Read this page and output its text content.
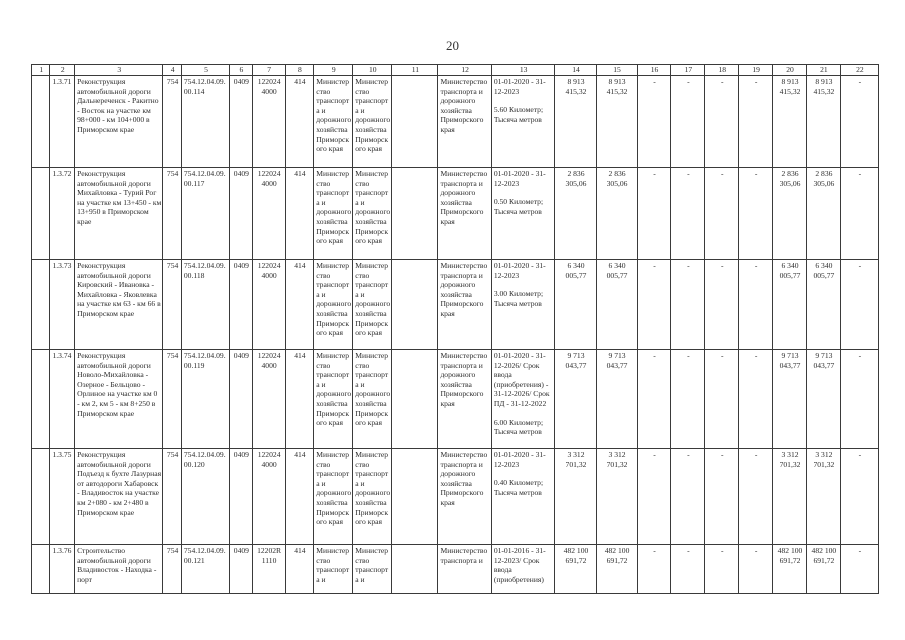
20
1	2	3	4	5	6	7	8	9	10	11	12	13	14	15	16	17	18	19	20	21	22

	1.3.71	Реконструкция автомобильной дороги Дальнереченск - Ракитно - Восток на участке км 98+000 - км 104+000 в Приморском крае	754	754.12.04.09.00.114	0409	122024 4000	414	Министерство транспорта и дорожного хозяйства Приморского края	Министерство транспорта и дорожного хозяйства Приморского края		Министерство транспорта и дорожного хозяйства Приморского края	01-01-2020 - 31-12-2023
5.60 Километр; Тысяча метров	8 913 415,32	8 913 415,32	-	-	-	-	8 913 415,32	8 913 415,32	-

	1.3.72	Реконструкция автомобильной дороги Михайловка - Турий Рог на участке км 13+450 - км 13+950 в Приморском крае	754	754.12.04.09.00.117	0409	122024 4000	414	Министерство транспорта и дорожного хозяйства Приморского края	Министерство транспорта и дорожного хозяйства Приморского края		Министерство транспорта и дорожного хозяйства Приморского края	01-01-2020 - 31-12-2023
0.50 Километр; Тысяча метров	2 836 305,06	2 836 305,06	-	-	-	-	2 836 305,06	2 836 305,06	-

	1.3.73	Реконструкция автомобильной дороги Кировский - Ивановка - Михайловка - Яковлевка на участке км 63 - км 66 в Приморском крае	754	754.12.04.09.00.118	0409	122024 4000	414	Министерство транспорта и дорожного хозяйства Приморского края	Министерство транспорта и дорожного хозяйства Приморского края		Министерство транспорта и дорожного хозяйства Приморского края	01-01-2020 - 31-12-2023
3.00 Километр; Тысяча метров	6 340 005,77	6 340 005,77	-	-	-	-	6 340 005,77	6 340 005,77	-

	1.3.74	Реконструкция автомобильной дороги Новоло-Михайловка - Озерное - Бельцово - Орлиное на участке км 0 - км 2, км 5 - км 8+250 в Приморском крае	754	754.12.04.09.00.119	0409	122024 4000	414	Министерство транспорта и дорожного хозяйства Приморского края	Министерство транспорта и дорожного хозяйства Приморского края		Министерство транспорта и дорожного хозяйства Приморского края	01-01-2020 - 31-12-2026/ Срок ввода (приобретения) - 31-12-2026/ Срок ПД - 31-12-2022
6.00 Километр; Тысяча метров	9 713 043,77	9 713 043,77	-	-	-	-	9 713 043,77	9 713 043,77	-

	1.3.75	Реконструкция автомобильной дороги Подъезд к бухте Лазурная от автодороги Хабаровск - Владивосток на участке км 2+080 - км 2+480 в Приморском крае	754	754.12.04.09.00.120	0409	122024 4000	414	Министерство транспорта и дорожного хозяйства Приморского края	Министерство транспорта и дорожного хозяйства Приморского края		Министерство транспорта и дорожного хозяйства Приморского края	01-01-2020 - 31-12-2023
0.40 Километр; Тысяча метров	3 312 701,32	3 312 701,32	-	-	-	-	3 312 701,32	3 312 701,32	-

	1.3.76	Строительство автомобильной дороги Владивосток - Находка - порт	754	754.12.04.09.00.121	0409	12202R 1110	414	Министерство транспорта и	Министерство транспорта и		Министерство транспорта и	01-01-2016 - 31-12-2023/ Срок ввода (приобретения)	482 100 691,72	482 100 691,72	-	-	-	-	482 100 691,72	482 100 691,72	-
